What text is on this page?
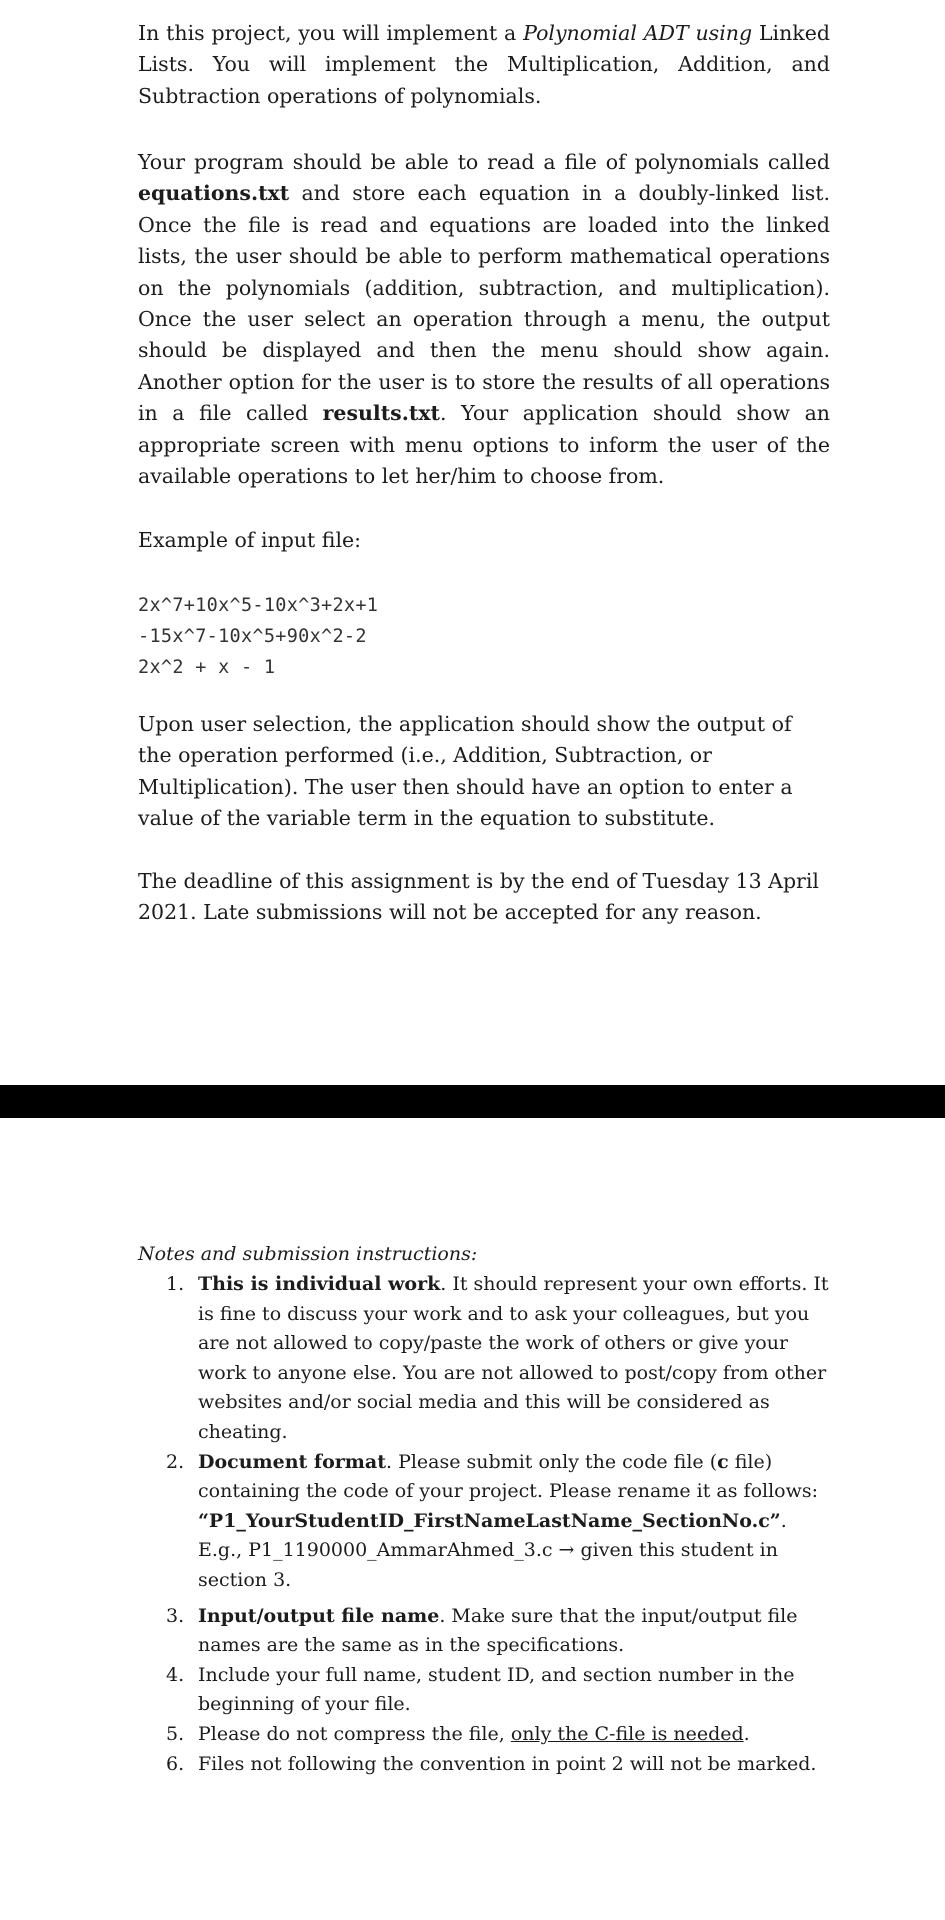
In this project, you will implement a Polynomial ADT using Linked Lists. You will implement the Multiplication, Addition, and Subtraction operations of polynomials.

Your program should be able to read a file of polynomials called equations.txt and store each equation in a doubly-linked list. Once the file is read and equations are loaded into the linked lists, the user should be able to perform mathematical operations on the polynomials (addition, subtraction, and multiplication). Once the user select an operation through a menu, the output should be displayed and then the menu should show again. Another option for the user is to store the results of all operations in a file called results.txt. Your application should show an appropriate screen with menu options to inform the user of the available operations to let her/him to choose from.

Example of input file:

2x^7+10x^5-10x^3+2x+1
-15x^7-10x^5+90x^2-2
2x^2 + x - 1

Upon user selection, the application should show the output of the operation performed (i.e., Addition, Subtraction, or Multiplication). The user then should have an option to enter a value of the variable term in the equation to substitute.

The deadline of this assignment is by the end of Tuesday 13 April 2021. Late submissions will not be accepted for any reason.

Notes and submission instructions:

1. This is individual work. It should represent your own efforts. It is fine to discuss your work and to ask your colleagues, but you are not allowed to copy/paste the work of others or give your work to anyone else. You are not allowed to post/copy from other websites and/or social media and this will be considered as cheating.
2. Document format. Please submit only the code file (c file) containing the code of your project. Please rename it as follows:
“P1_YourStudentID_FirstNameLastName_SectionNo.c”.
E.g., P1_1190000_AmmarAhmed_3.c → given this student in section 3.
3. Input/output file name. Make sure that the input/output file names are the same as in the specifications.
4. Include your full name, student ID, and section number in the beginning of your file.
5. Please do not compress the file, only the C-file is needed.
6. Files not following the convention in point 2 will not be marked.
